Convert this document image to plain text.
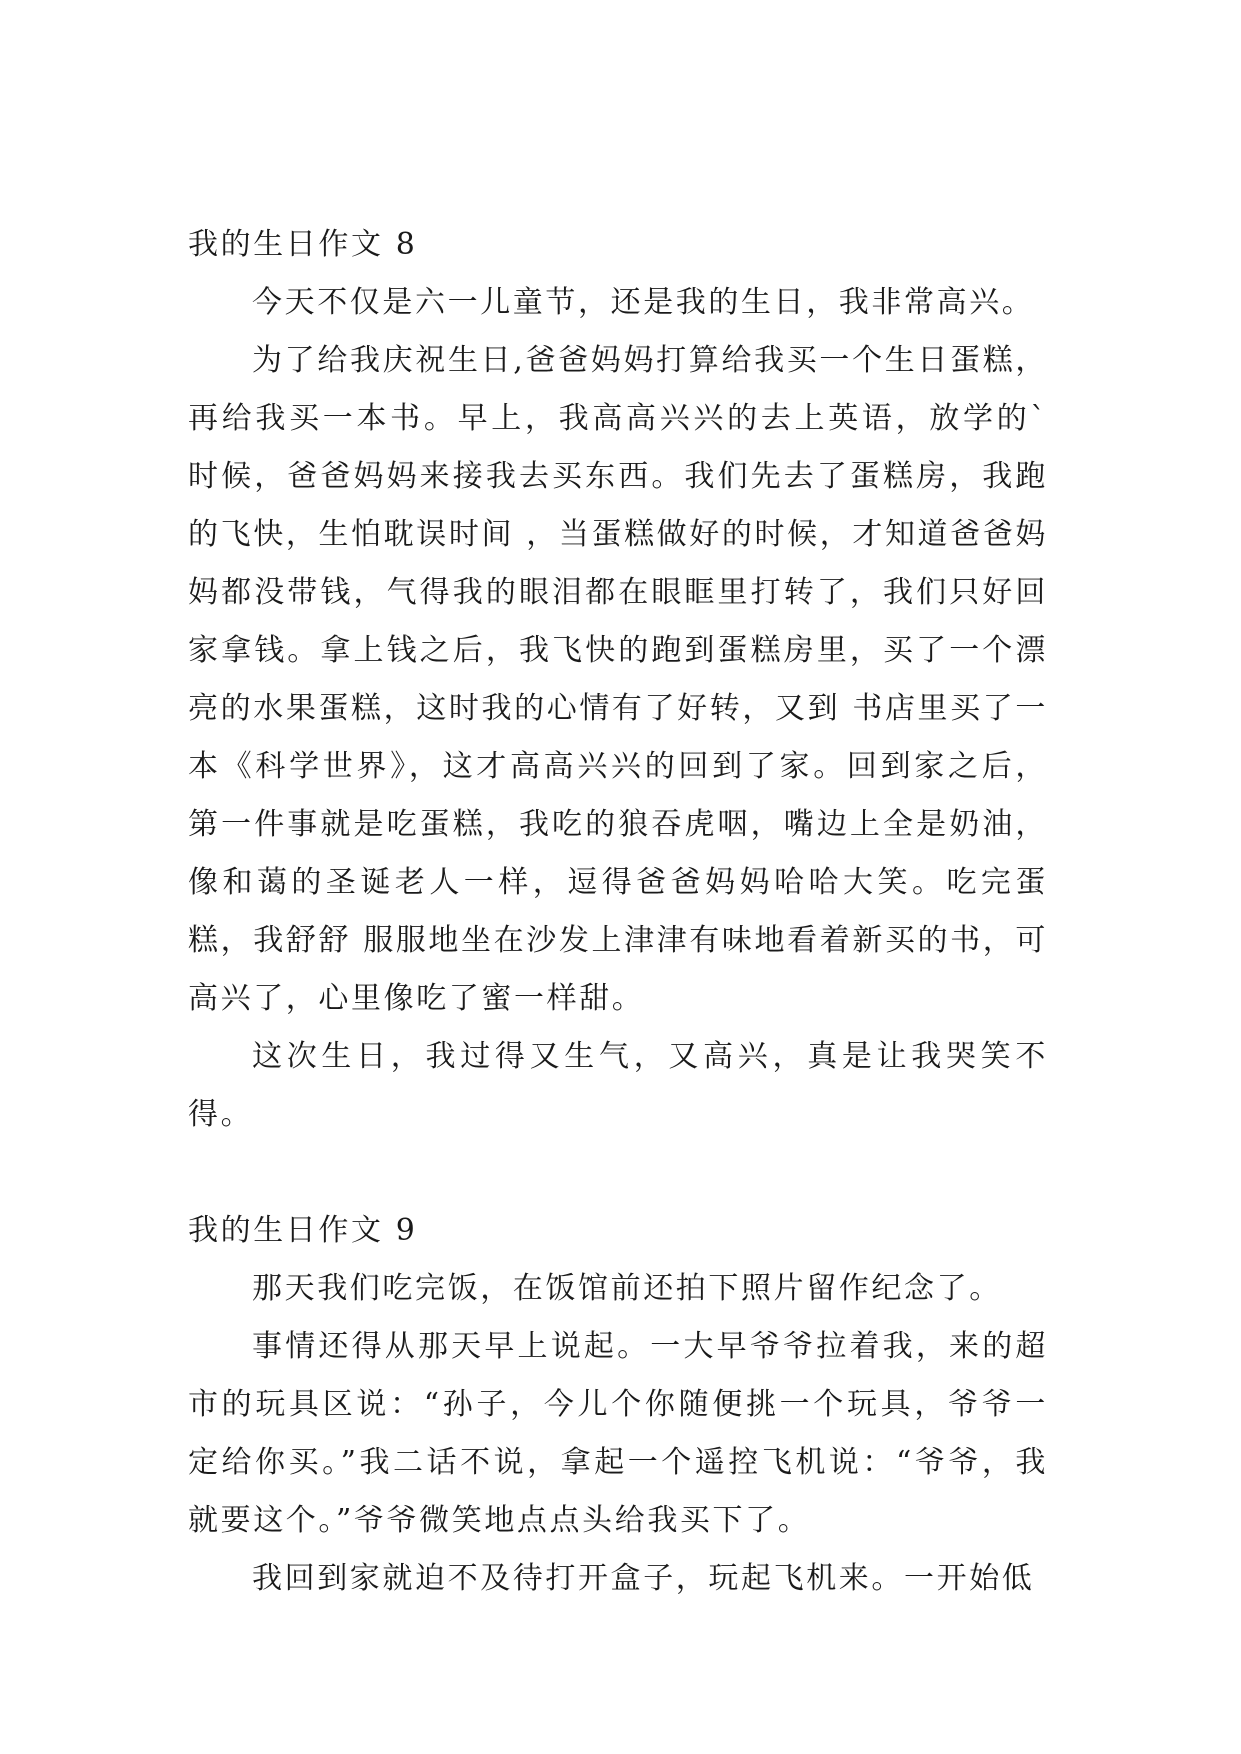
我的生日作文 8

今天不仅是六一儿童节，还是我的生日，我非常高兴。

为了给我庆祝生日,爸爸妈妈打算给我买一个生日蛋糕，再给我买一本书。早上，我高高兴兴的去上英语，放学的`时候，爸爸妈妈来接我去买东西。我们先去了蛋糕房，我跑的飞快，生怕耽误时间 ，当蛋糕做好的时候，才知道爸爸妈妈都没带钱，气得我的眼泪都在眼眶里打转了，我们只好回家拿钱。拿上钱之后，我飞快的跑到蛋糕房里，买了一个漂亮的水果蛋糕，这时我的心情有了好转，又到 书店里买了一本《科学世界》，这才高高兴兴的回到了家。回到家之后，第一件事就是吃蛋糕，我吃的狼吞虎咽，嘴边上全是奶油，像和蔼的圣诞老人一样，逗得爸爸妈妈哈哈大笑。吃完蛋糕，我舒舒 服服地坐在沙发上津津有味地看着新买的书，可高兴了，心里像吃了蜜一样甜。

这次生日，我过得又生气，又高兴，真是让我哭笑不得。

我的生日作文 9

那天我们吃完饭，在饭馆前还拍下照片留作纪念了。

事情还得从那天早上说起。一大早爷爷拉着我，来的超市的玩具区说：“孙子，今儿个你随便挑一个玩具，爷爷一定给你买。”我二话不说，拿起一个遥控飞机说：“爷爷，我就要这个。”爷爷微笑地点点头给我买下了。

我回到家就迫不及待打开盒子，玩起飞机来。一开始低
